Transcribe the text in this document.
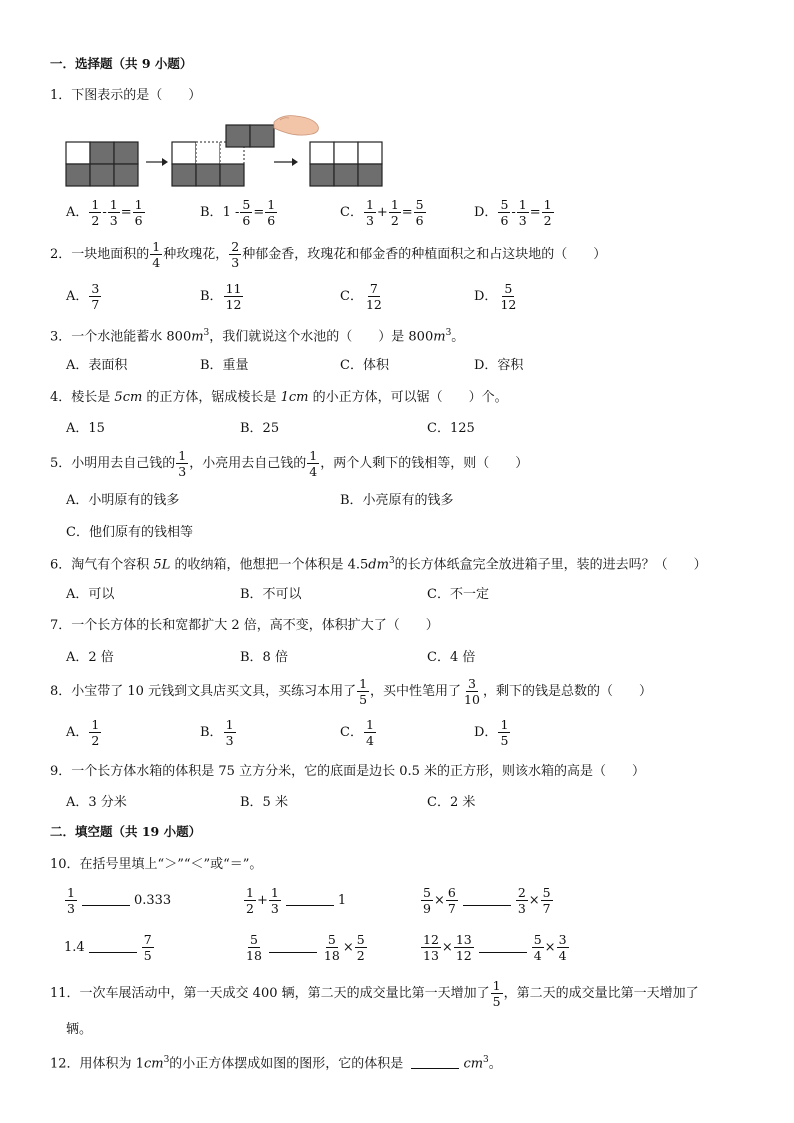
一．选择题（共 9 小题）
1．下图表示的是（　　）
A． $\frac{1}{2} - \frac{1}{3} = \frac{1}{6}$	B．$1 - \frac{5}{6} = \frac{1}{6}$	C． $\frac{1}{3} + \frac{1}{2} = \frac{5}{6}$	D． $\frac{5}{6} - \frac{1}{3} = \frac{1}{2}$
2．一块地面积的 $\frac{1}{4}$ 种玫瑰花， $\frac{2}{3}$ 种郁金香，玫瑰花和郁金香的种植面积之和占这块地的（　　）
A． $\frac{3}{7}$	B． $\frac{11}{12}$	C． $\frac{7}{12}$	D． $\frac{5}{12}$
3．一个水池能蓄水 $800m^3$，我们就说这个水池的（　　）是 $800m^3$。
A．表面积	B．重量	C．体积	D．容积
4．棱长是 5cm 的正方体，锯成棱长是 1cm 的小正方体，可以锯（　　）个。
A．15	B．25	C．125
5．小明用去自己钱的 $\frac{1}{3}$ ，小亮用去自己钱的 $\frac{1}{4}$ ，两个人剩下的钱相等，则（　　）
A．小明原有的钱多	B．小亮原有的钱多
C．他们原有的钱相等
6．淘气有个容积 5L 的收纳箱，他想把一个体积是 $4.5dm^3$的长方体纸盒完全放进箱子里，装的进去吗？（　　）
A．可以	B．不可以	C．不一定
7．一个长方体的长和宽都扩大 2 倍，高不变，体积扩大了（　　）
A．2 倍	B．8 倍	C．4 倍
8．小宝带了 10 元钱到文具店买文具，买练习本用了 $\frac{1}{5}$ ，买中性笔用了 $\frac{3}{10}$ ，剩下的钱是总数的（　　）
A． $\frac{1}{2}$	B． $\frac{1}{3}$	C． $\frac{1}{4}$	D． $\frac{1}{5}$
9．一个长方体水箱的体积是 75 立方分米，它的底面是边长 0.5 米的正方形，则该水箱的高是（　　）
A．3 分米	B．5 米	C．2 米
二．填空题（共 19 小题）
10．在括号里填上“＞”“＜”或“＝”。
$\frac{1}{3}$	0.333	$\frac{1}{2} + \frac{1}{3}$	1	$\frac{5}{9} \times \frac{6}{7}$	$\frac{2}{3} \times \frac{5}{7}$
1.4	$\frac{7}{5}$	$\frac{5}{18}$	$\frac{5}{18} \times \frac{5}{2}$	$\frac{12}{13} \times \frac{13}{12}$	$\frac{5}{4} \times \frac{3}{4}$
11．一次车展活动中，第一天成交 400 辆，第二天的成交量比第一天增加了 $\frac{1}{5}$ ，第二天的成交量比第一天增加了
辆。
12．用体积为 $1cm^3$的小正方体摆成如图的图形，它的体积是	$cm^3$。
